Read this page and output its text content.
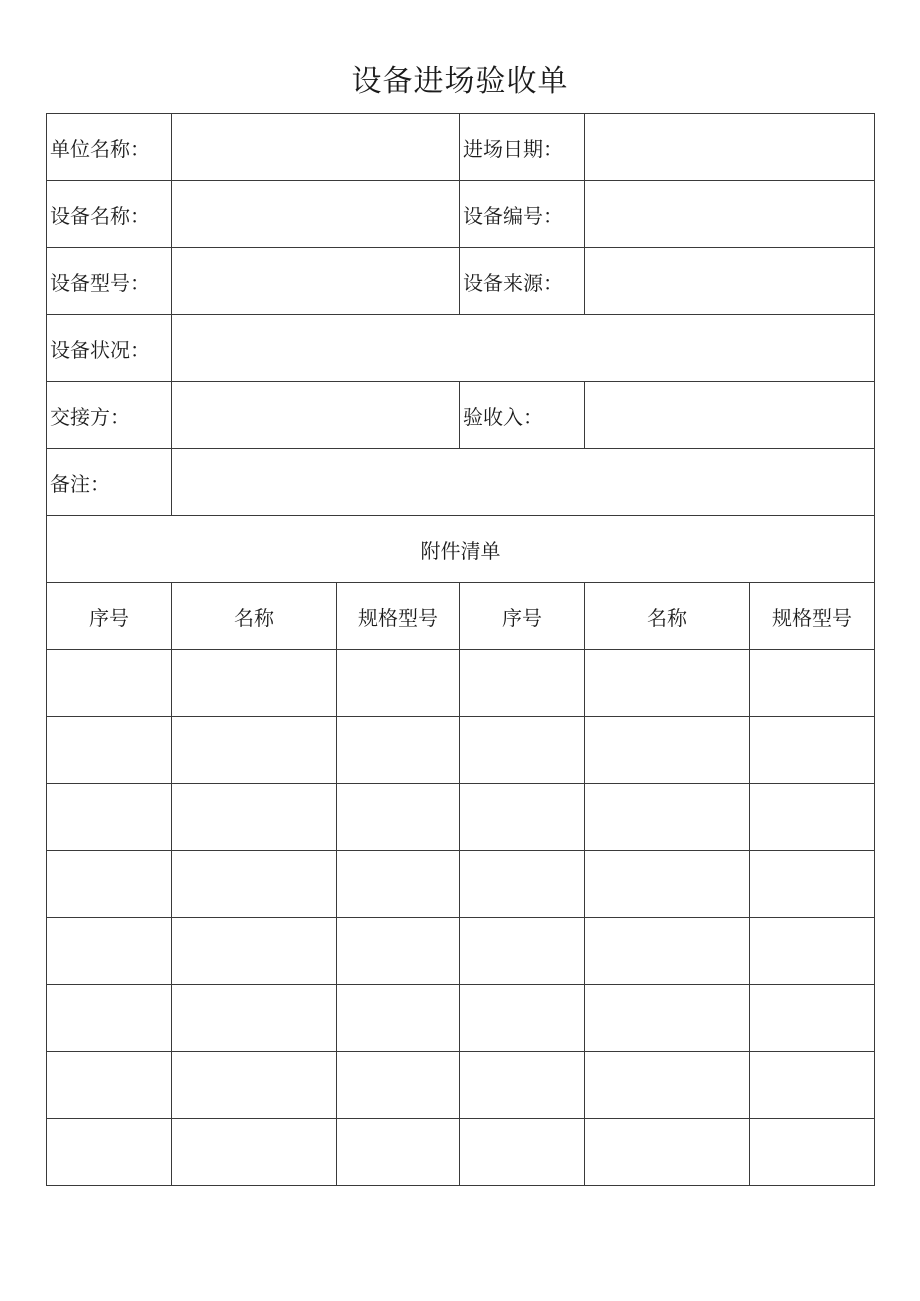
设备进场验收单
单位名称：			进场日期：		
设备名称：			设备编号：		
设备型号：			设备来源：		
设备状况：					
交接方：			验收入：		
备注：					
附件清单					
序号	名称	规格型号	序号	名称	规格型号
